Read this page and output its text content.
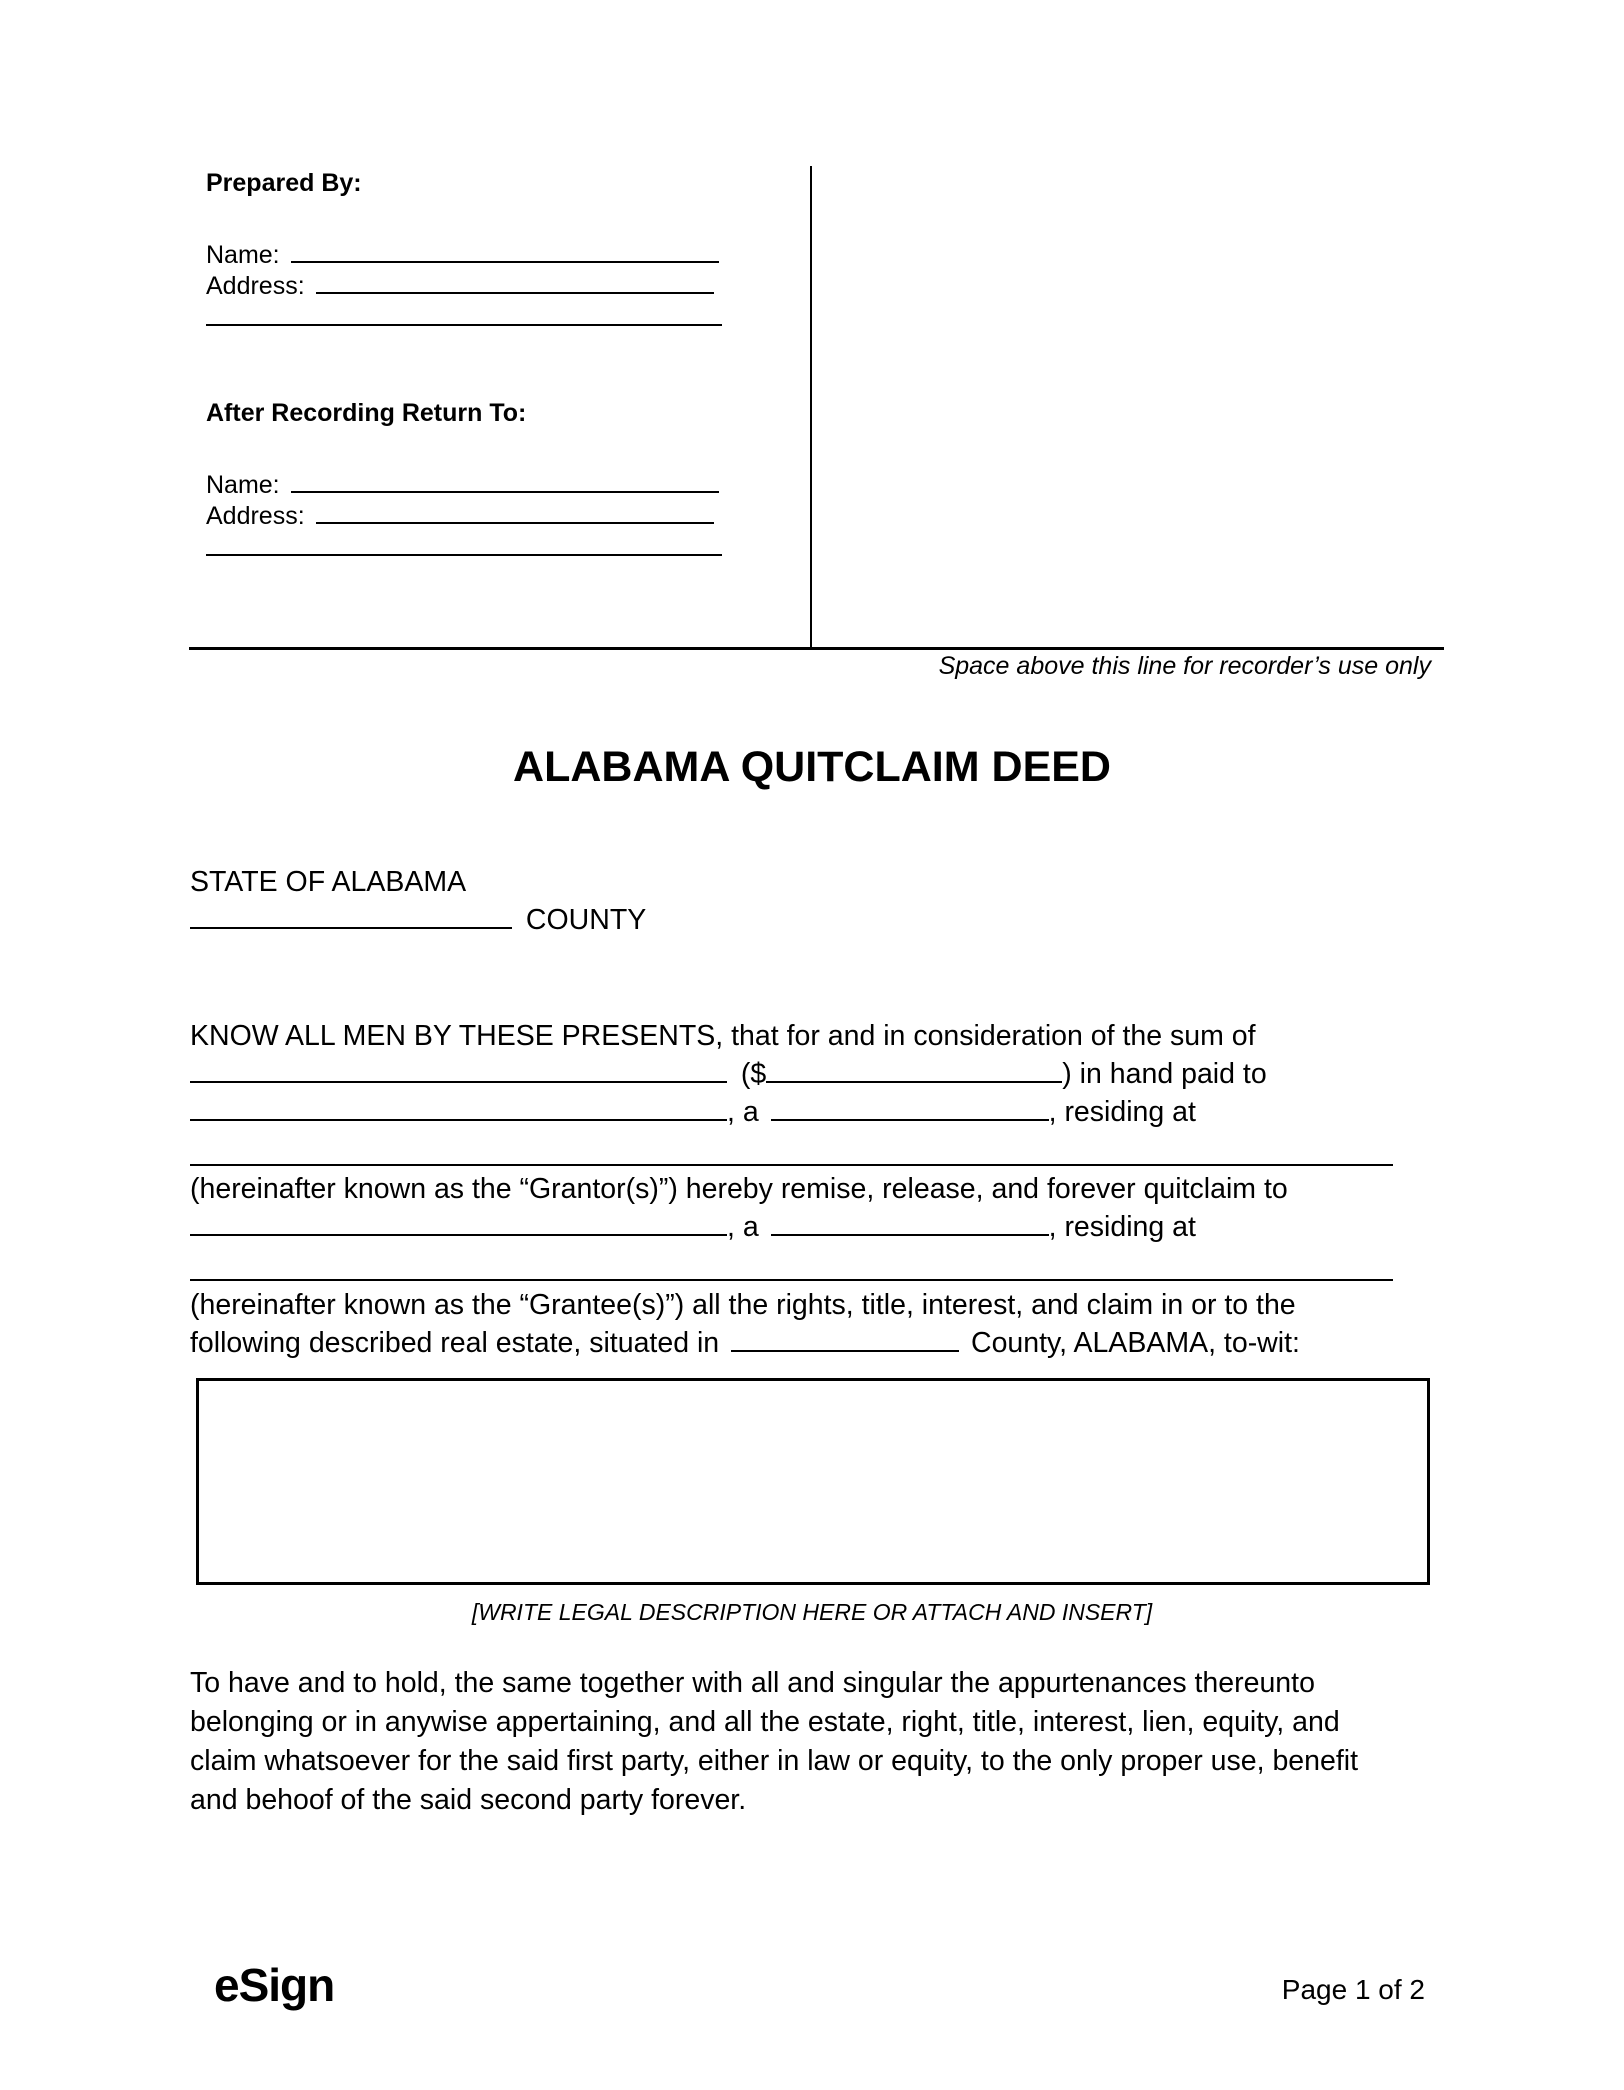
Prepared By:
Name:
Address:
After Recording Return To:
Name:
Address:
Space above this line for recorder’s use only
ALABAMA QUITCLAIM DEED
STATE OF ALABAMA
COUNTY
KNOW ALL MEN BY THESE PRESENTS, that for and in consideration of the sum of
($	) in hand paid to
, a	, residing at
(hereinafter known as the “Grantor(s)”) hereby remise, release, and forever quitclaim to
, a	, residing at
(hereinafter known as the “Grantee(s)”) all the rights, title, interest, and claim in or to the
following described real estate, situated in	County, ALABAMA, to-wit:
[WRITE LEGAL DESCRIPTION HERE OR ATTACH AND INSERT]
To have and to hold, the same together with all and singular the appurtenances thereunto
belonging or in anywise appertaining, and all the estate, right, title, interest, lien, equity, and
claim whatsoever for the said first party, either in law or equity, to the only proper use, benefit
and behoof of the said second party forever.
eSign	Page 1 of 2
